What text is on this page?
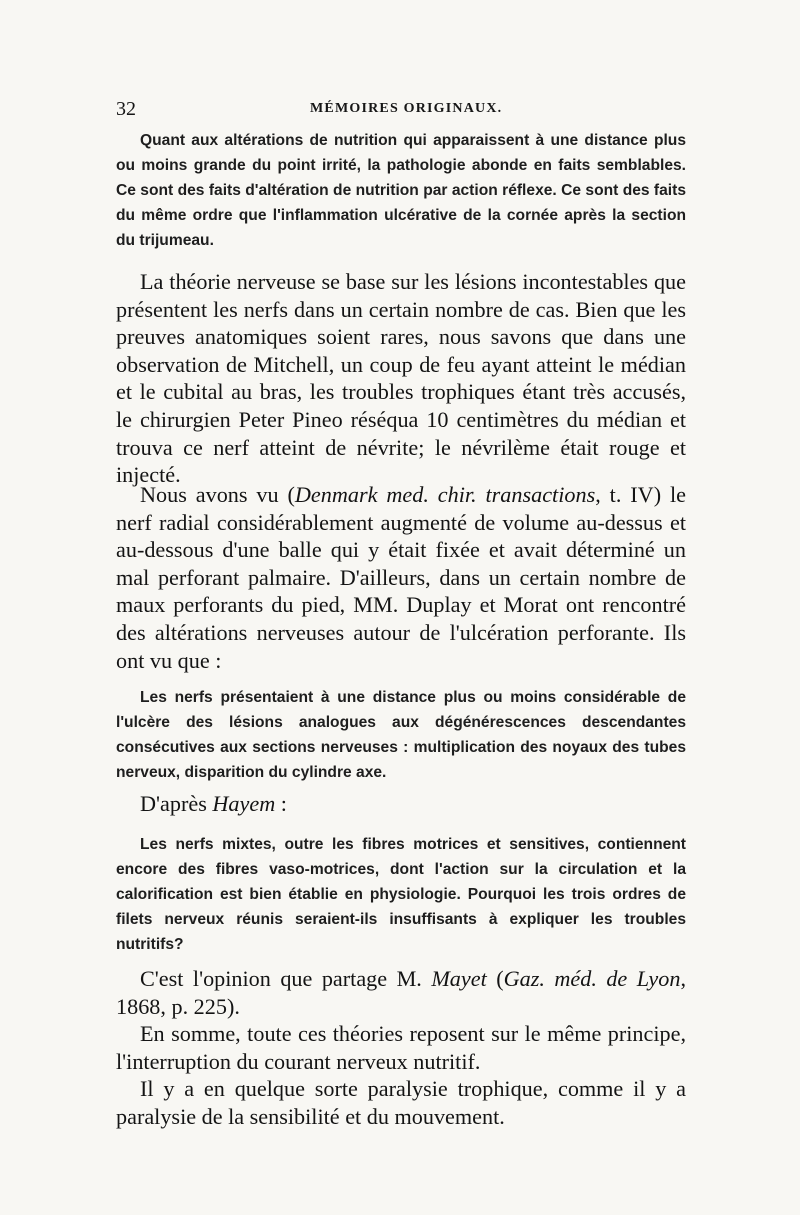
32	MÉMOIRES ORIGINAUX.

Quant aux altérations de nutrition qui apparaissent à une distance plus ou moins grande du point irrité, la pathologie abonde en faits semblables. Ce sont des faits d'altération de nutrition par action réflexe. Ce sont des faits du même ordre que l'inflammation ulcérative de la cornée après la section du trijumeau.

La théorie nerveuse se base sur les lésions incontestables que présentent les nerfs dans un certain nombre de cas. Bien que les preuves anatomiques soient rares, nous savons que dans une observation de Mitchell, un coup de feu ayant atteint le médian et le cubital au bras, les troubles trophiques étant très accusés, le chirurgien Peter Pineo réséqua 10 centimètres du médian et trouva ce nerf atteint de névrite; le névrilème était rouge et injecté.

Nous avons vu (Denmark med. chir. transactions, t. IV) le nerf radial considérablement augmenté de volume au-dessus et au-dessous d'une balle qui y était fixée et avait déterminé un mal perforant palmaire. D'ailleurs, dans un certain nombre de maux perforants du pied, MM. Duplay et Morat ont rencontré des altérations nerveuses autour de l'ulcération perforante. Ils ont vu que :

Les nerfs présentaient à une distance plus ou moins considérable de l'ulcère des lésions analogues aux dégénérescences descendantes consécutives aux sections nerveuses : multiplication des noyaux des tubes nerveux, disparition du cylindre axe.

D'après Hayem :

Les nerfs mixtes, outre les fibres motrices et sensitives, contiennent encore des fibres vaso-motrices, dont l'action sur la circulation et la calorification est bien établie en physiologie. Pourquoi les trois ordres de filets nerveux réunis seraient-ils insuffisants à expliquer les troubles nutritifs?

C'est l'opinion que partage M. Mayet (Gaz. méd. de Lyon, 1868, p. 225).

En somme, toute ces théories reposent sur le même principe, l'interruption du courant nerveux nutritif.

Il y a en quelque sorte paralysie trophique, comme il y a paralysie de la sensibilité et du mouvement.
